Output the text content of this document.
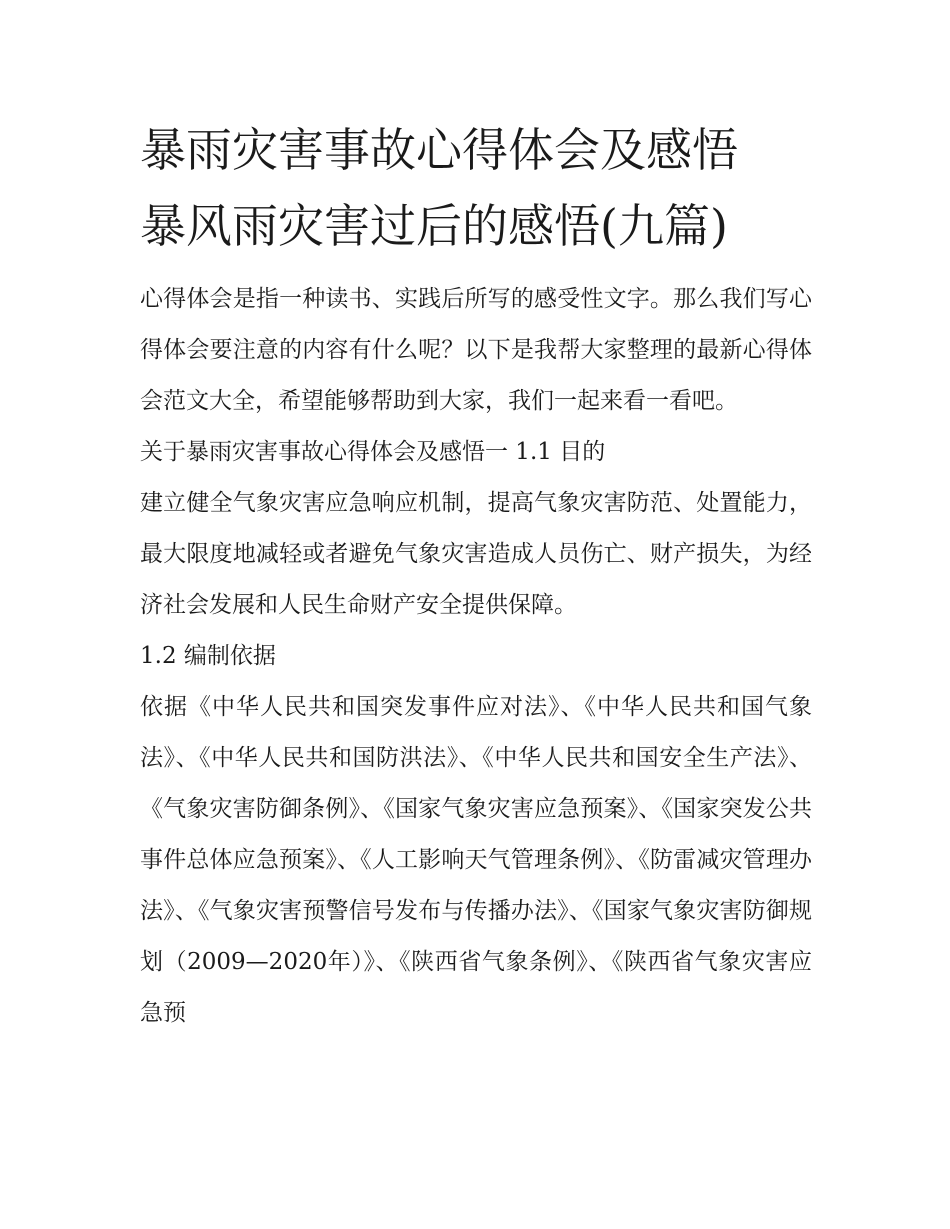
暴雨灾害事故心得体会及感悟
暴风雨灾害过后的感悟(九篇)

心得体会是指一种读书、实践后所写的感受性文字。那么我们写心得体会要注意的内容有什么呢？以下是我帮大家整理的最新心得体会范文大全，希望能够帮助到大家，我们一起来看一看吧。

关于暴雨灾害事故心得体会及感悟一 1.1 目的

建立健全气象灾害应急响应机制，提高气象灾害防范、处置能力，最大限度地减轻或者避免气象灾害造成人员伤亡、财产损失，为经济社会发展和人民生命财产安全提供保障。

1.2 编制依据

依据《中华人民共和国突发事件应对法》、《中华人民共和国气象法》、《中华人民共和国防洪法》、《中华人民共和国安全生产法》、《气象灾害防御条例》、《国家气象灾害应急预案》、《国家突发公共事件总体应急预案》、《人工影响天气管理条例》、《防雷减灾管理办法》、《气象灾害预警信号发布与传播办法》、《国家气象灾害防御规划（2009—2020年）》、《陕西省气象条例》、《陕西省气象灾害应急预
